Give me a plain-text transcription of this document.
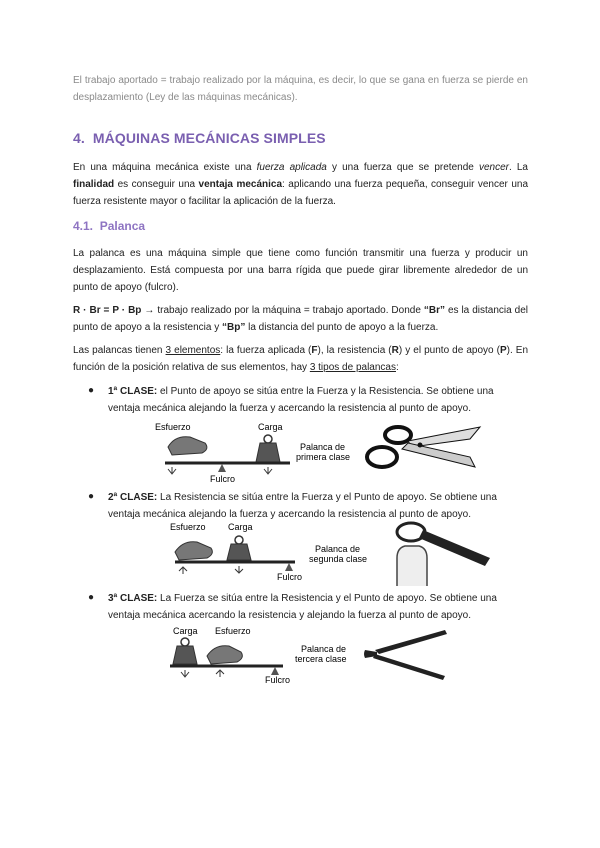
El trabajo aportado = trabajo realizado por la máquina, es decir, lo que se gana en fuerza se pierde en desplazamiento (Ley de las máquinas mecánicas).
4. MÁQUINAS MECÁNICAS SIMPLES
En una máquina mecánica existe una fuerza aplicada y una fuerza que se pretende vencer. La finalidad es conseguir una ventaja mecánica: aplicando una fuerza pequeña, conseguir vencer una fuerza resistente mayor o facilitar la aplicación de la fuerza.
4.1. Palanca
La palanca es una máquina simple que tiene como función transmitir una fuerza y producir un desplazamiento. Está compuesta por una barra rígida que puede girar libremente alrededor de un punto de apoyo (fulcro).
R · Br = P · Bp → trabajo realizado por la máquina = trabajo aportado. Donde “Br” es la distancia del punto de apoyo a la resistencia y “Bp” la distancia del punto de apoyo a la fuerza.
Las palancas tienen 3 elementos: la fuerza aplicada (F), la resistencia (R) y el punto de apoyo (P). En función de la posición relativa de sus elementos, hay 3 tipos de palancas:
● 1ª CLASE: el Punto de apoyo se sitúa entre la Fuerza y la Resistencia. Se obtiene una ventaja mecánica alejando la fuerza y acercando la resistencia al punto de apoyo.
Esfuerzo	Carga
Fulcro
Palanca de
primera clase
● 2ª CLASE: La Resistencia se sitúa entre la Fuerza y el Punto de apoyo. Se obtiene una ventaja mecánica alejando la fuerza y acercando la resistencia al punto de apoyo.
Esfuerzo Carga
Fulcro
Palanca de
segunda clase
● 3ª CLASE: La Fuerza se sitúa entre la Resistencia y el Punto de apoyo. Se obtiene una ventaja mecánica acercando la resistencia y alejando la fuerza al punto de apoyo.
Carga Esfuerzo
Fulcro
Palanca de
tercera clase
